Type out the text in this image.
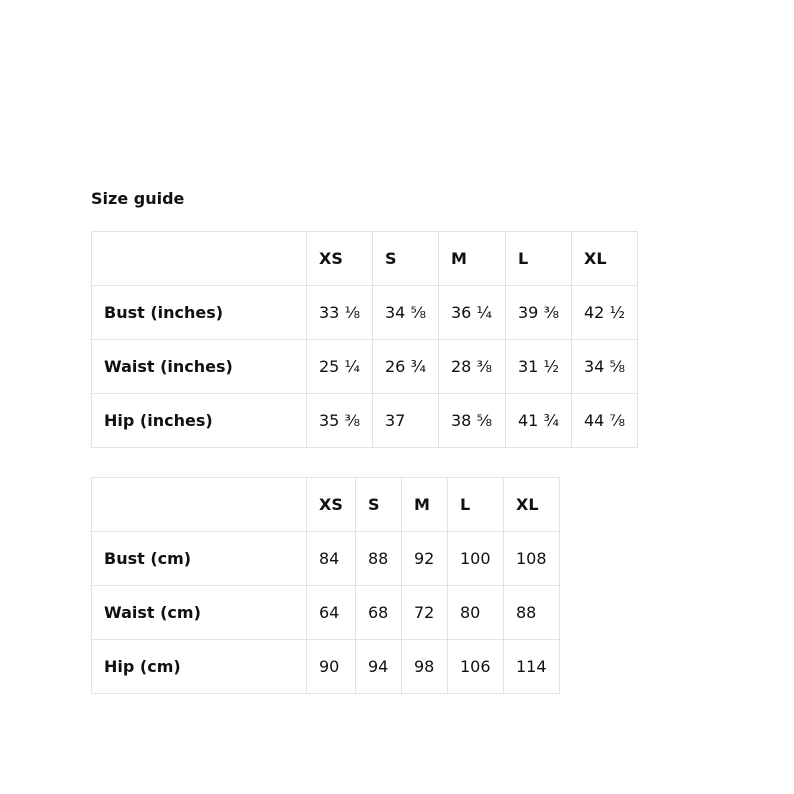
Size guide
	XS	S	M	L	XL
Bust (inches)	33 ⅛	34 ⅝	36 ¼	39 ⅜	42 ½
Waist (inches)	25 ¼	26 ¾	28 ⅜	31 ½	34 ⅝
Hip (inches)	35 ⅜	37	38 ⅝	41 ¾	44 ⅞
	XS	S	M	L	XL
Bust (cm)	84	88	92	100	108
Waist (cm)	64	68	72	80	88
Hip (cm)	90	94	98	106	114
